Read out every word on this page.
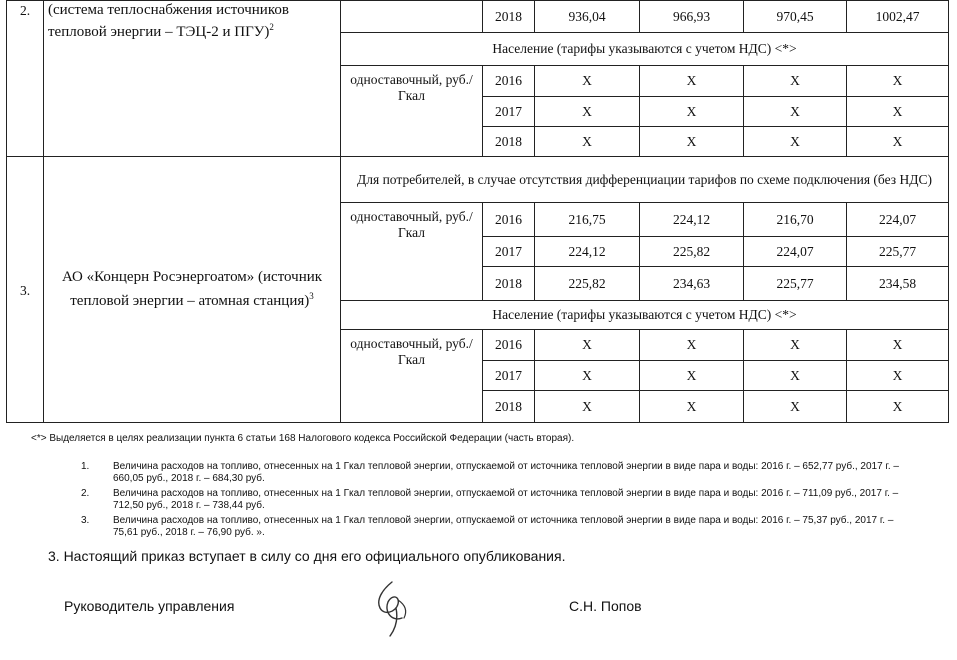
2.	(система теплоснабжения источников тепловой энергии – ТЭЦ-2 и ПГУ)$^2$		2018	936,04	966,93	970,45	1002,47
		Население (тарифы указываются с учетом НДС) <*>					
		одноставочный, руб./Гкал	2016	X	X	X	X
			2017	X	X	X	X
			2018	X	X	X	X
3.	АО «Концерн Росэнергоатом» (источник тепловой энергии – атомная станция)$^3$	Для потребителей, в случае отсутствия дифференциации тарифов по схеме подключения (без НДС)					
		одноставочный, руб./Гкал	2016	216,75	224,12	216,70	224,07
			2017	224,12	225,82	224,07	225,77
			2018	225,82	234,63	225,77	234,58
		Население (тарифы указываются с учетом НДС) <*>					
		одноставочный, руб./Гкал	2016	X	X	X	X
			2017	X	X	X	X
			2018	X	X	X	X
<*> Выделяется в целях реализации пункта 6 статьи 168 Налогового кодекса Российской Федерации (часть вторая).
1. Величина расходов на топливо, отнесенных на 1 Гкал тепловой энергии, отпускаемой от источника тепловой энергии в виде пара и воды: 2016 г. – 652,77 руб., 2017 г. – 660,05 руб., 2018 г. – 684,30 руб.
2. Величина расходов на топливо, отнесенных на 1 Гкал тепловой энергии, отпускаемой от источника тепловой энергии в виде пара и воды: 2016 г. – 711,09 руб., 2017 г. –712,50 руб., 2018 г. – 738,44 руб.
3. Величина расходов на топливо, отнесенных на 1 Гкал тепловой энергии, отпускаемой от источника тепловой энергии в виде пара и воды: 2016 г. – 75,37 руб., 2017 г. – 75,61 руб., 2018 г. – 76,90 руб. ».
3. Настоящий приказ вступает в силу со дня его официального опубликования.
Руководитель управления	С.Н. Попов
